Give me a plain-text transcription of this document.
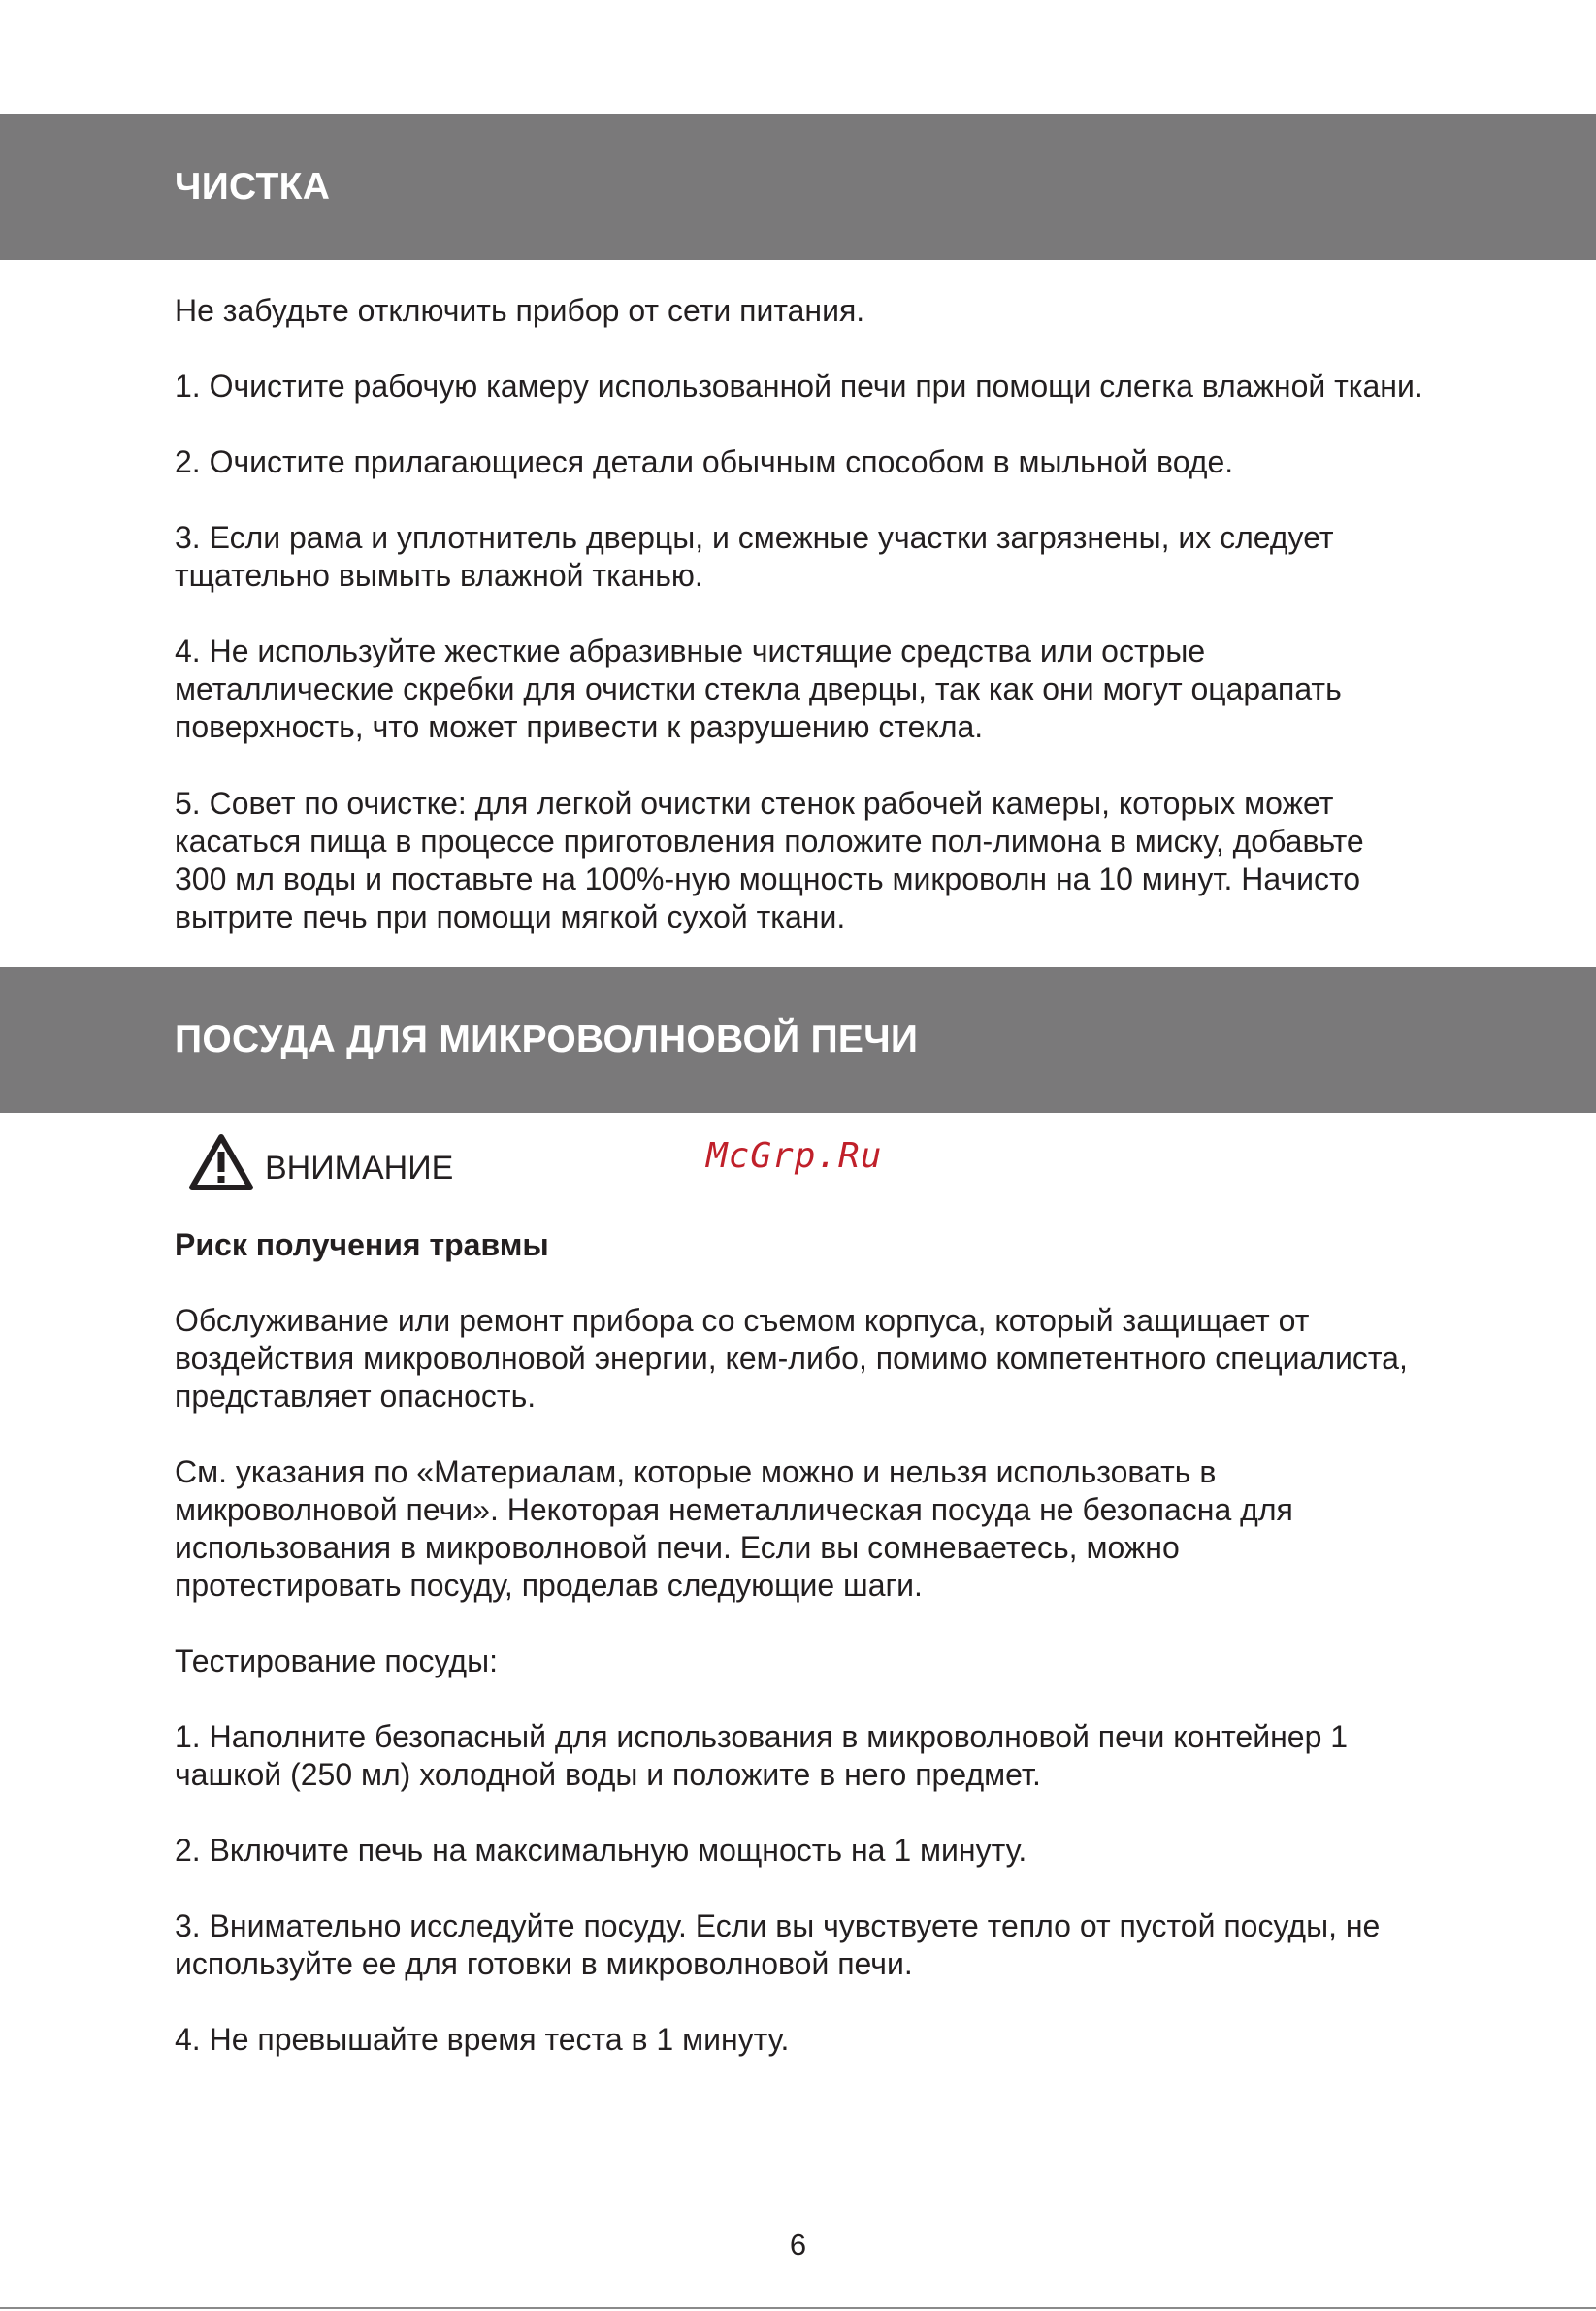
ЧИСТКА

Не забудьте отключить прибор от сети питания.

1. Очистите рабочую камеру использованной печи при помощи слегка влажной ткани.

2. Очистите прилагающиеся детали обычным способом в мыльной воде.

3. Если рама и уплотнитель дверцы, и смежные участки загрязнены, их следует
тщательно вымыть влажной тканью.

4. Не используйте жесткие абразивные чистящие средства или острые
металлические скребки для очистки стекла дверцы, так как они могут оцарапать
поверхность, что может привести к разрушению стекла.

5. Совет по очистке: для легкой очистки стенок рабочей камеры, которых может
касаться пища в процессе приготовления положите пол-лимона в миску, добавьте
300 мл воды и поставьте на 100%-ную мощность микроволн на 10 минут. Начисто
вытрите печь при помощи мягкой сухой ткани.

ПОСУДА ДЛЯ МИКРОВОЛНОВОЙ ПЕЧИ
ВНИМАНИЕ	McGrp.Ru

Риск получения травмы

Обслуживание или ремонт прибора со съемом корпуса, который защищает от
воздействия микроволновой энергии, кем-либо, помимо компетентного специалиста,
представляет опасность.

См. указания по «Материалам, которые можно и нельзя использовать в
микроволновой печи». Некоторая неметаллическая посуда не безопасна для
использования в микроволновой печи. Если вы сомневаетесь, можно
протестировать посуду, проделав следующие шаги.

Тестирование посуды:

1. Наполните безопасный для использования в микроволновой печи контейнер 1
чашкой (250 мл) холодной воды и положите в него предмет.

2. Включите печь на максимальную мощность на 1 минуту.

3. Внимательно исследуйте посуду. Если вы чувствуете тепло от пустой посуды, не
используйте ее для готовки в микроволновой печи.

4. Не превышайте время теста в 1 минуту.

6
